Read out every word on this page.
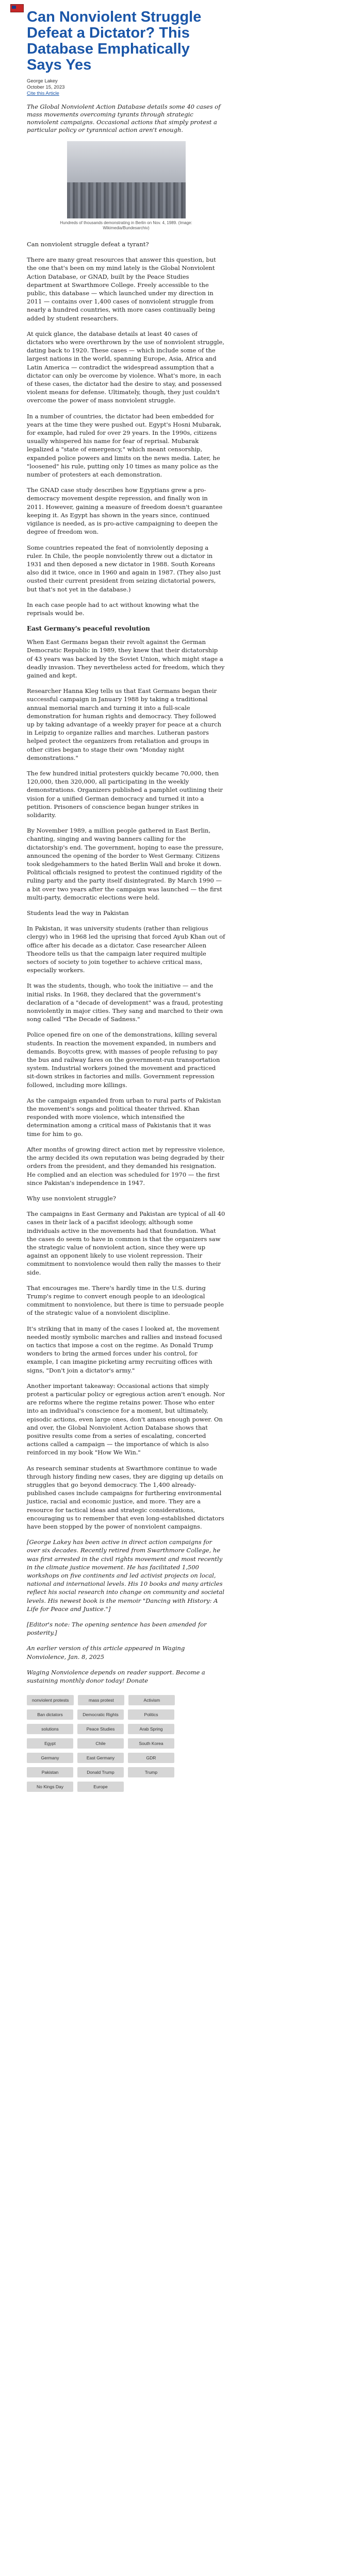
Can Nonviolent Struggle Defeat a Dictator? This Database Emphatically Says Yes
George Lakey
October 15, 2023
Cite this Article

The Global Nonviolent Action Database details some 40 cases of mass movements overcoming tyrants through strategic nonviolent campaigns. Occasional actions that simply protest a particular policy or tyrannical action aren't enough.

Hundreds of thousands demonstrating in Berlin on Nov. 4, 1989. (Image: Wikimedia/Bundesarchiv)

Can nonviolent struggle defeat a tyrant?

There are many great resources that answer this question, but the one that's been on my mind lately is the Global Nonviolent Action Database, or GNAD, built by the Peace Studies department at Swarthmore College. Freely accessible to the public, this database — which launched under my direction in 2011 — contains over 1,400 cases of nonviolent struggle from nearly a hundred countries, with more cases continually being added by student researchers.

At quick glance, the database details at least 40 cases of dictators who were overthrown by the use of nonviolent struggle, dating back to 1920. These cases — which include some of the largest nations in the world, spanning Europe, Asia, Africa and Latin America — contradict the widespread assumption that a dictator can only be overcome by violence. What's more, in each of these cases, the dictator had the desire to stay, and possessed violent means for defense. Ultimately, though, they just couldn't overcome the power of mass nonviolent struggle.

In a number of countries, the dictator had been embedded for years at the time they were pushed out. Egypt's Hosni Mubarak, for example, had ruled for over 29 years. In the 1990s, citizens usually whispered his name for fear of reprisal. Mubarak legalized a "state of emergency," which meant censorship, expanded police powers and limits on the news media. Later, he "loosened" his rule, putting only 10 times as many police as the number of protesters at each demonstration.

The GNAD case study describes how Egyptians grew a pro-democracy movement despite repression, and finally won in 2011. However, gaining a measure of freedom doesn't guarantee keeping it. As Egypt has shown in the years since, continued vigilance is needed, as is pro-active campaigning to deepen the degree of freedom won.

Some countries repeated the feat of nonviolently deposing a ruler. In Chile, the people nonviolently threw out a dictator in 1931 and then deposed a new dictator in 1988. South Koreans also did it twice, once in 1960 and again in 1987. (They also just ousted their current president from seizing dictatorial powers, but that's not yet in the database.)

In each case people had to act without knowing what the reprisals would be.

East Germany's peaceful revolution

When East Germans began their revolt against the German Democratic Republic in 1989, they knew that their dictatorship of 43 years was backed by the Soviet Union, which might stage a deadly invasion. They nevertheless acted for freedom, which they gained and kept.

Researcher Hanna Kleg tells us that East Germans began their successful campaign in January 1988 by taking a traditional annual memorial march and turning it into a full-scale demonstration for human rights and democracy. They followed up by taking advantage of a weekly prayer for peace at a church in Leipzig to organize rallies and marches. Lutheran pastors helped protect the organizers from retaliation and groups in other cities began to stage their own "Monday night demonstrations."

The few hundred initial protesters quickly became 70,000, then 120,000, then 320,000, all participating in the weekly demonstrations. Organizers published a pamphlet outlining their vision for a unified German democracy and turned it into a petition. Prisoners of conscience began hunger strikes in solidarity.

By November 1989, a million people gathered in East Berlin, chanting, singing and waving banners calling for the dictatorship's end. The government, hoping to ease the pressure, announced the opening of the border to West Germany. Citizens took sledgehammers to the hated Berlin Wall and broke it down. Political officials resigned to protest the continued rigidity of the ruling party and the party itself disintegrated. By March 1990 — a bit over two years after the campaign was launched — the first multi-party, democratic elections were held.

Students lead the way in Pakistan

In Pakistan, it was university students (rather than religious clergy) who in 1968 led the uprising that forced Ayub Khan out of office after his decade as a dictator. Case researcher Aileen Theodore tells us that the campaign later required multiple sectors of society to join together to achieve critical mass, especially workers.

It was the students, though, who took the initiative — and the initial risks. In 1968, they declared that the government's declaration of a "decade of development" was a fraud, protesting nonviolently in major cities. They sang and marched to their own song called "The Decade of Sadness."

Police opened fire on one of the demonstrations, killing several students. In reaction the movement expanded, in numbers and demands. Boycotts grew, with masses of people refusing to pay the bus and railway fares on the government-run transportation system. Industrial workers joined the movement and practiced sit-down strikes in factories and mills. Government repression followed, including more killings.

As the campaign expanded from urban to rural parts of Pakistan the movement's songs and political theater thrived. Khan responded with more violence, which intensified the determination among a critical mass of Pakistanis that it was time for him to go.

After months of growing direct action met by repressive violence, the army decided its own reputation was being degraded by their orders from the president, and they demanded his resignation. He complied and an election was scheduled for 1970 — the first since Pakistan's independence in 1947.

Why use nonviolent struggle?

The campaigns in East Germany and Pakistan are typical of all 40 cases in their lack of a pacifist ideology, although some individuals active in the movements had that foundation. What the cases do seem to have in common is that the organizers saw the strategic value of nonviolent action, since they were up against an opponent likely to use violent repression. Their commitment to nonviolence would then rally the masses to their side.

That encourages me. There's hardly time in the U.S. during Trump's regime to convert enough people to an ideological commitment to nonviolence, but there is time to persuade people of the strategic value of a nonviolent discipline.

It's striking that in many of the cases I looked at, the movement needed mostly symbolic marches and rallies and instead focused on tactics that impose a cost on the regime. As Donald Trump wonders to bring the armed forces under his control, for example, I can imagine picketing army recruiting offices with signs, "Don't join a dictator's army."

Another important takeaway: Occasional actions that simply protest a particular policy or egregious action aren't enough. Nor are reforms where the regime retains power. Those who enter into an individual's conscience for a moment, but ultimately, episodic actions, even large ones, don't amass enough power. On and over, the Global Nonviolent Action Database shows that positive results come from a series of escalating, concerted actions called a campaign — the importance of which is also reinforced in my book "How We Win."

As research seminar students at Swarthmore continue to wade through history finding new cases, they are digging up details on struggles that go beyond democracy. The 1,400 already-published cases include campaigns for furthering environmental justice, racial and economic justice, and more. They are a resource for tactical ideas and strategic considerations, encouraging us to remember that even long-established dictators have been stopped by the power of nonviolent campaigns.

[George Lakey has been active in direct action campaigns for over six decades. Recently retired from Swarthmore College, he was first arrested in the civil rights movement and most recently in the climate justice movement. He has facilitated 1,500 workshops on five continents and led activist projects on local, national and international levels. His 10 books and many articles reflect his social research into change on community and societal levels. His newest book is the memoir "Dancing with History: A Life for Peace and Justice."]

[Editor's note: The opening sentence has been amended for posterity.]

An earlier version of this article appeared in Waging Nonviolence, Jan. 8, 2025

Waging Nonviolence depends on reader support. Become a sustaining monthly donor today! Donate

nonviolent protests	mass protest	Activism
Ban dictators	Democratic Rights	Politics
solutions	Peace Studies	Arab Spring
Egypt	Chile	South Korea
Germany	East Germany	GDR
Pakistan	Donald Trump	Trump
No Kings Day	Europe
